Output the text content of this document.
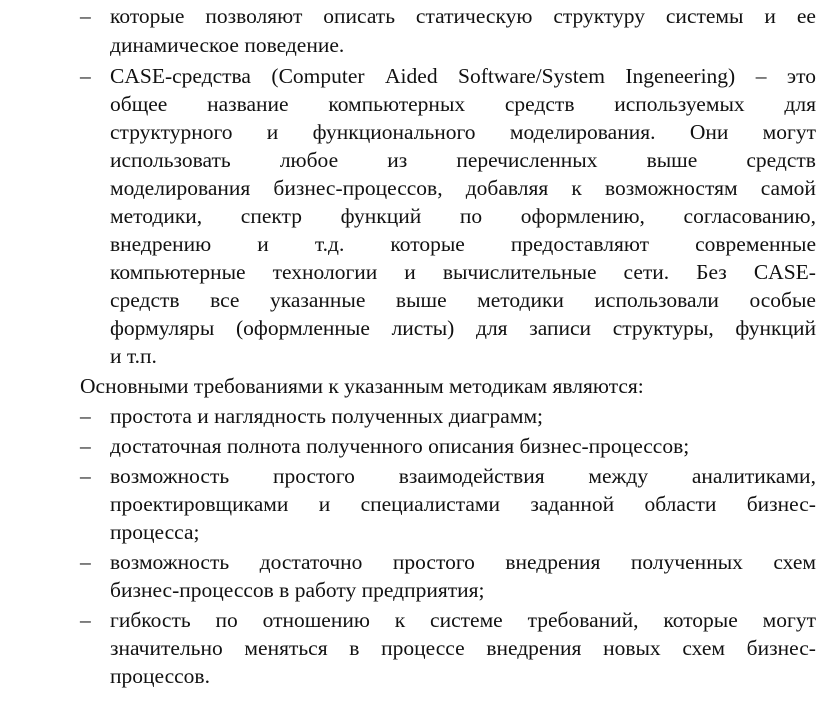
– которые позволяют описать статическую структуру системы и ее
динамическое поведение.
– CASE-средства (Computer Aided Software/System Ingeneering) – это
общее название компьютерных средств используемых для
структурного и функционального моделирования. Они могут
использовать любое из перечисленных выше средств
моделирования бизнес-процессов, добавляя к возможностям самой
методики, спектр функций по оформлению, согласованию,
внедрению и т.д. которые предоставляют современные
компьютерные технологии и вычислительные сети. Без CASE-
средств все указанные выше методики использовали особые
формуляры (оформленные листы) для записи структуры, функций
и т.п.
Основными требованиями к указанным методикам являются:
– простота и наглядность полученных диаграмм;
– достаточная полнота полученного описания бизнес-процессов;
– возможность простого взаимодействия между аналитиками,
проектировщиками и специалистами заданной области бизнес-
процесса;
– возможность достаточно простого внедрения полученных схем
бизнес-процессов в работу предприятия;
– гибкость по отношению к системе требований, которые могут
значительно меняться в процессе внедрения новых схем бизнес-
процессов.
